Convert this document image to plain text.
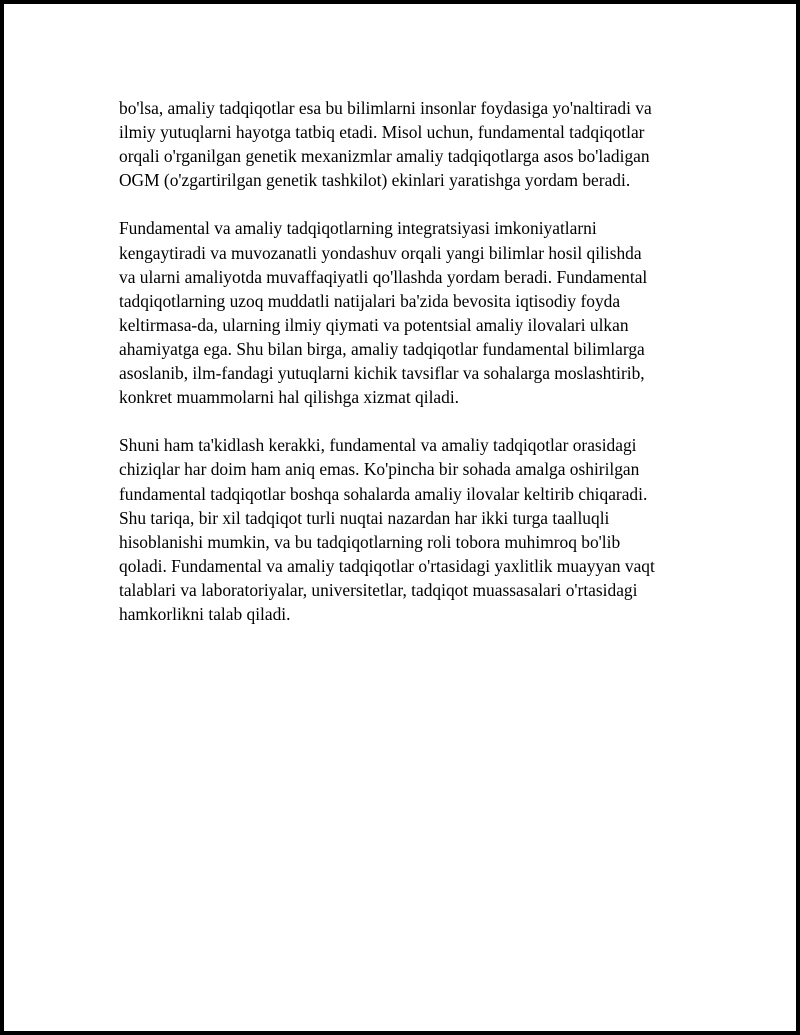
bo'lsa, amaliy tadqiqotlar esa bu bilimlarni insonlar foydasiga yo'naltiradi va
ilmiy yutuqlarni hayotga tatbiq etadi. Misol uchun, fundamental tadqiqotlar
orqali o'rganilgan genetik mexanizmlar amaliy tadqiqotlarga asos bo'ladigan
OGM (o'zgartirilgan genetik tashkilot) ekinlari yaratishga yordam beradi.

Fundamental va amaliy tadqiqotlarning integratsiyasi imkoniyatlarni
kengaytiradi va muvozanatli yondashuv orqali yangi bilimlar hosil qilishda
va ularni amaliyotda muvaffaqiyatli qo'llashda yordam beradi. Fundamental
tadqiqotlarning uzoq muddatli natijalari ba'zida bevosita iqtisodiy foyda
keltirmasa-da, ularning ilmiy qiymati va potentsial amaliy ilovalari ulkan
ahamiyatga ega. Shu bilan birga, amaliy tadqiqotlar fundamental bilimlarga
asoslanib, ilm-fandagi yutuqlarni kichik tavsiflar va sohalarga moslashtirib,
konkret muammolarni hal qilishga xizmat qiladi.

Shuni ham ta'kidlash kerakki, fundamental va amaliy tadqiqotlar orasidagi
chiziqlar har doim ham aniq emas. Ko'pincha bir sohada amalga oshirilgan
fundamental tadqiqotlar boshqa sohalarda amaliy ilovalar keltirib chiqaradi.
Shu tariqa, bir xil tadqiqot turli nuqtai nazardan har ikki turga taalluqli
hisoblanishi mumkin, va bu tadqiqotlarning roli tobora muhimroq bo'lib
qoladi. Fundamental va amaliy tadqiqotlar o'rtasidagi yaxlitlik muayyan vaqt
talablari va laboratoriyalar, universitetlar, tadqiqot muassasalari o'rtasidagi
hamkorlikni talab qiladi.
